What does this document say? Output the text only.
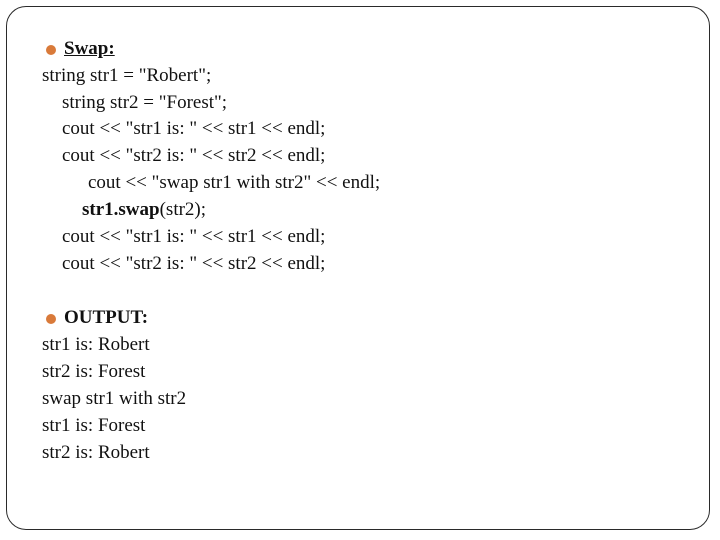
Swap:
string str1 = "Robert";
string str2 = "Forest";
cout << "str1 is: " << str1 << endl;
cout << "str2 is: " << str2 << endl;
cout << "swap str1 with str2" << endl;
str1.swap(str2);
cout << "str1 is: " << str1 << endl;
cout << "str2 is: " << str2 << endl;
OUTPUT:
str1 is: Robert
str2 is: Forest
swap str1 with str2
str1 is: Forest
str2 is: Robert
